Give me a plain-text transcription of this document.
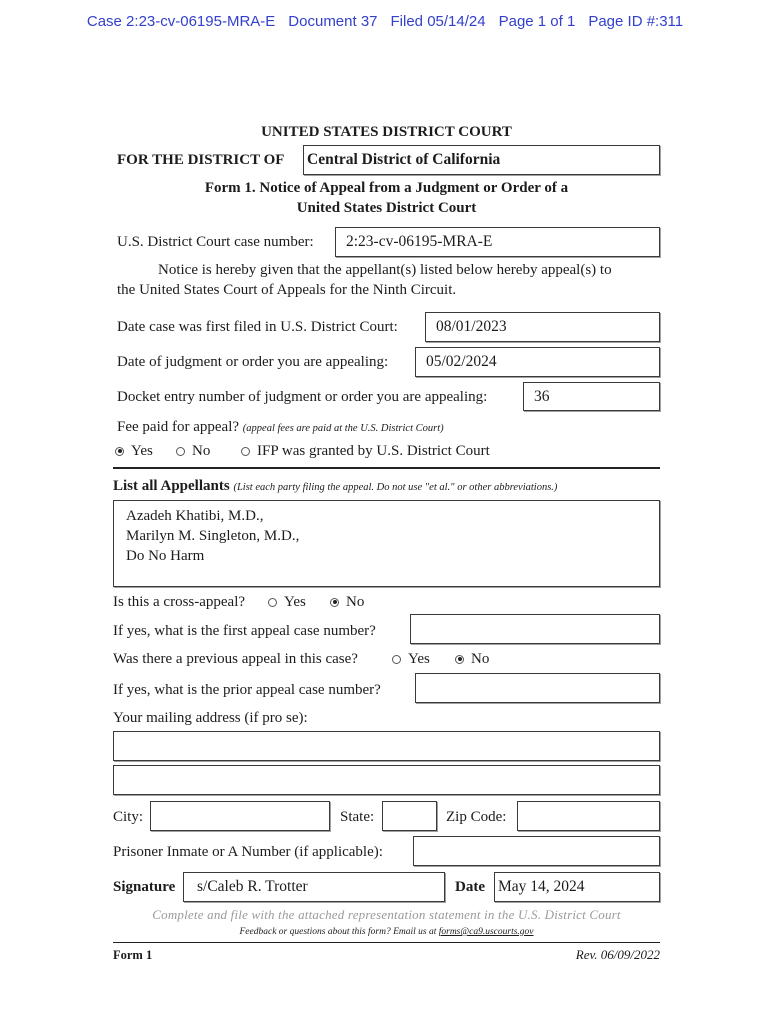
Case 2:23-cv-06195-MRA-E Document 37 Filed 05/14/24 Page 1 of 1 Page ID #:311
UNITED STATES DISTRICT COURT
FOR THE DISTRICT OF Central District of California
Form 1. Notice of Appeal from a Judgment or Order of a
United States District Court
U.S. District Court case number: 2:23-cv-06195-MRA-E
Notice is hereby given that the appellant(s) listed below hereby appeal(s) to
the United States Court of Appeals for the Ninth Circuit.
Date case was first filed in U.S. District Court: 08/01/2023
Date of judgment or order you are appealing: 05/02/2024
Docket entry number of judgment or order you are appealing:	36
Fee paid for appeal? (appeal fees are paid at the U.S. District Court)
Yes	No	IFP was granted by U.S. District Court
List all Appellants (List each party filing the appeal. Do not use "et al." or other abbreviations.)
Azadeh Khatibi, M.D.,
Marilyn M. Singleton, M.D.,
Do No Harm
Is this a cross-appeal?	Yes	No
If yes, what is the first appeal case number?
Was there a previous appeal in this case?	Yes	No
If yes, what is the prior appeal case number?
Your mailing address (if pro se):
City:	State:	Zip Code:
Prisoner Inmate or A Number (if applicable):
Signature s/Caleb R. Trotter	Date May 14, 2024
Complete and file with the attached representation statement in the U.S. District Court
Feedback or questions about this form? Email us at forms@ca9.uscourts.gov
Form 1	Rev. 06/09/2022
